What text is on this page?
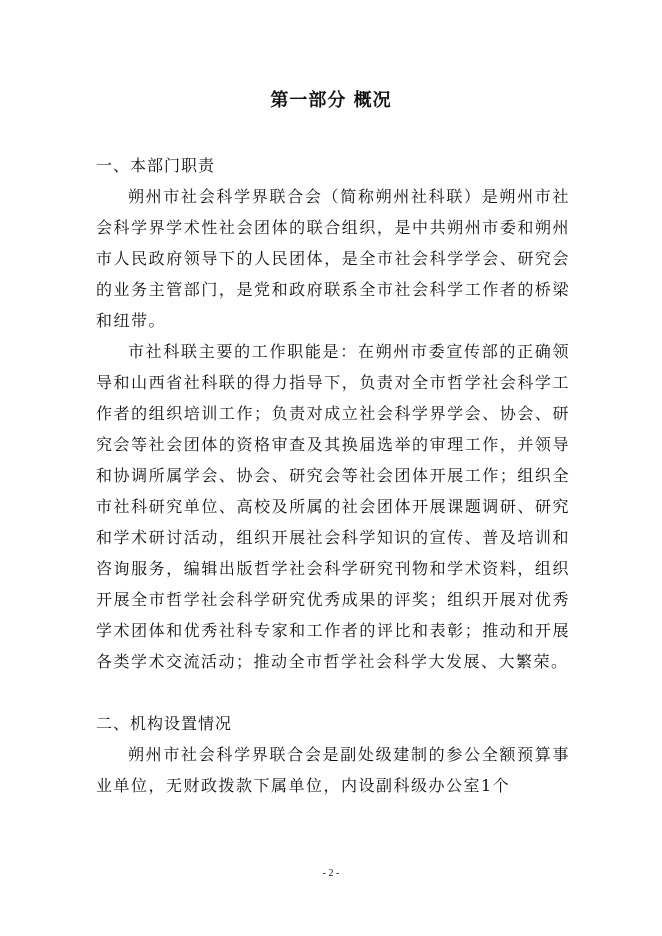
第一部分 概况

一、本部门职责

朔州市社会科学界联合会（简称朔州社科联）是朔州市社会科学界学术性社会团体的联合组织，是中共朔州市委和朔州市人民政府领导下的人民团体，是全市社会科学学会、研究会的业务主管部门，是党和政府联系全市社会科学工作者的桥梁和纽带。

市社科联主要的工作职能是：在朔州市委宣传部的正确领导和山西省社科联的得力指导下，负责对全市哲学社会科学工作者的组织培训工作；负责对成立社会科学界学会、协会、研究会等社会团体的资格审查及其换届选举的审理工作，并领导和协调所属学会、协会、研究会等社会团体开展工作；组织全市社科研究单位、高校及所属的社会团体开展课题调研、研究和学术研讨活动，组织开展社会科学知识的宣传、普及培训和咨询服务，编辑出版哲学社会科学研究刊物和学术资料，组织开展全市哲学社会科学研究优秀成果的评奖；组织开展对优秀学术团体和优秀社科专家和工作者的评比和表彰；推动和开展各类学术交流活动；推动全市哲学社会科学大发展、大繁荣。

二、机构设置情况

朔州市社会科学界联合会是副处级建制的参公全额预算事业单位，无财政拨款下属单位，内设副科级办公室1个

- 2 -
